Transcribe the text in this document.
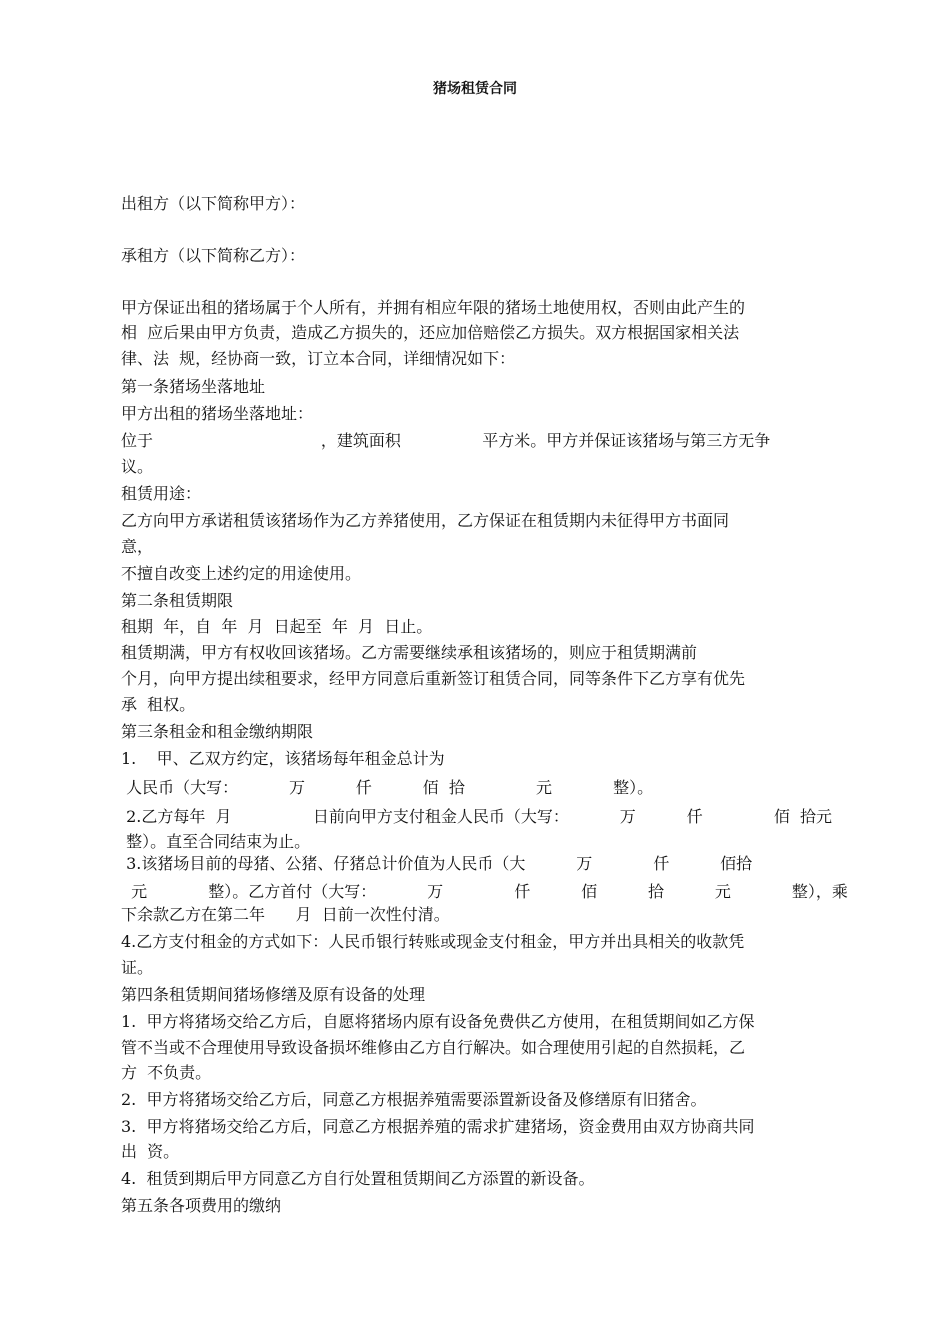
猪场租赁合同

出租方（以下简称甲方）：

承租方（以下简称乙方）：

甲方保证出租的猪场属于个人所有，并拥有相应年限的猪场土地使用权，否则由此产生的

相  应后果由甲方负责，造成乙方损失的，还应加倍赔偿乙方损失。双方根据国家相关法

律、法  规，经协商一致，订立本合同，详细情况如下：

第一条猪场坐落地址

甲方出租的猪场坐落地址：

位于                                 ，建筑面积                平方米。甲方并保证该猪场与第三方无争

议。

租赁用途：

乙方向甲方承诺租赁该猪场作为乙方养猪使用，乙方保证在租赁期内未征得甲方书面同

意，

不擅自改变上述约定的用途使用。

第二条租赁期限

租期  年，自  年  月  日起至  年  月  日止。

租赁期满，甲方有权收回该猪场。乙方需要继续承租该猪场的，则应于租赁期满前

个月，向甲方提出续租要求，经甲方同意后重新签订租赁合同，同等条件下乙方享有优先

承  租权。

第三条租金和租金缴纳期限

1.    甲、乙双方约定，该猪场每年租金总计为

人民币（大写：          万          仟          佰  拾              元            整）。

2.乙方每年  月                日前向甲方支付租金人民币（大写：          万          仟              佰  拾元

整）。直至合同结束为止。

3.该猪场目前的母猪、公猪、仔猪总计价值为人民币（大          万            仟          佰拾

元            整）。乙方首付（大写：          万              仟          佰          拾          元            整），乘

下余款乙方在第二年      月  日前一次性付清。

4.乙方支付租金的方式如下：人民币银行转账或现金支付租金，甲方并出具相关的收款凭

证。

第四条租赁期间猪场修缮及原有设备的处理

1.  甲方将猪场交给乙方后，自愿将猪场内原有设备免费供乙方使用，在租赁期间如乙方保

管不当或不合理使用导致设备损坏维修由乙方自行解决。如合理使用引起的自然损耗，乙

方  不负责。

2.  甲方将猪场交给乙方后，同意乙方根据养殖需要添置新设备及修缮原有旧猪舍。

3.  甲方将猪场交给乙方后，同意乙方根据养殖的需求扩建猪场，资金费用由双方协商共同

出  资。

4.  租赁到期后甲方同意乙方自行处置租赁期间乙方添置的新设备。

第五条各项费用的缴纳
